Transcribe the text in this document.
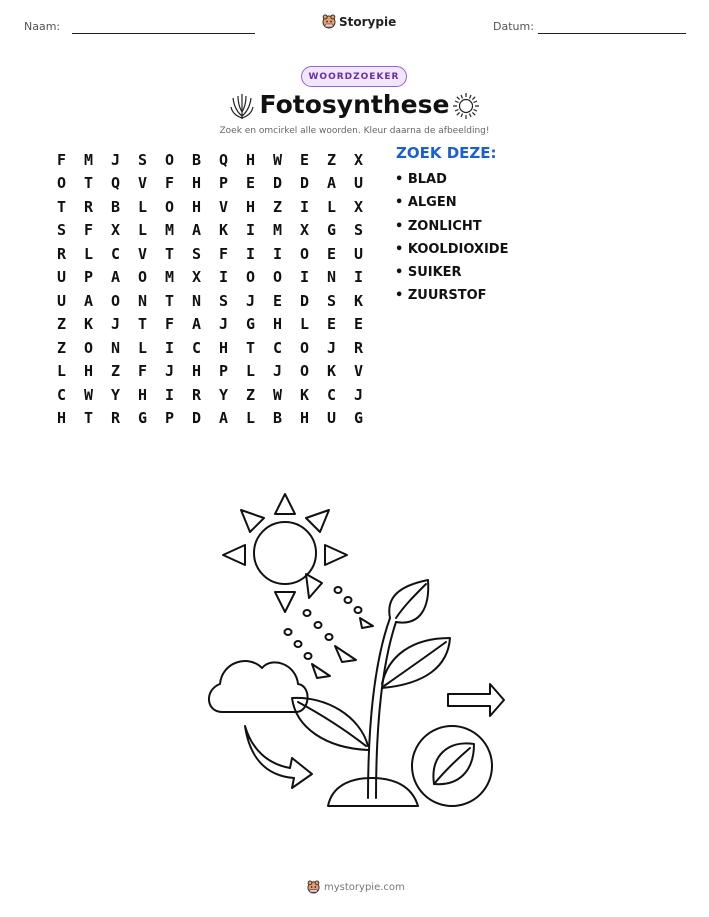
Naam:	Storypie	Datum:
WOORDZOEKER
Fotosynthese
Zoek en omcirkel alle woorden. Kleur daarna de afbeelding!
F	M	J	S	O	B	Q	H	W	E	Z	X
O	T	Q	V	F	H	P	E	D	D	A	U
T	R	B	L	O	H	V	H	Z	I	L	X
S	F	X	L	M	A	K	I	M	X	G	S
R	L	C	V	T	S	F	I	I	O	E	U
U	P	A	O	M	X	I	O	O	I	N	I
U	A	O	N	T	N	S	J	E	D	S	K
Z	K	J	T	F	A	J	G	H	L	E	E
Z	O	N	L	I	C	H	T	C	O	J	R
L	H	Z	F	J	H	P	L	J	O	K	V
C	W	Y	H	I	R	Y	Z	W	K	C	J
H	T	R	G	P	D	A	L	B	H	U	G
ZOEK DEZE:
• BLAD
• ALGEN
• ZONLICHT
• KOOLDIOXIDE
• SUIKER
• ZUURSTOF
mystorypie.com
